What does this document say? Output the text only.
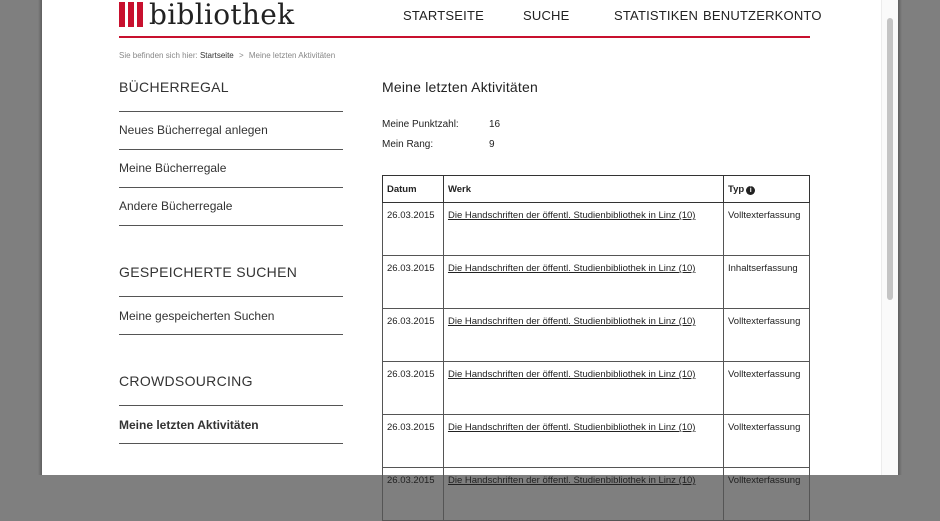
bibliothek	STARTSEITE	SUCHE	STATISTIKEN BENUTZERKONTO
Sie befinden sich hier: Startseite > Meine letzten Aktivitäten
BÜCHERREGAL
Neues Bücherregal anlegen
Meine Bücherregale
Andere Bücherregale
GESPEICHERTE SUCHEN
Meine gespeicherten Suchen
CROWDSOURCING
Meine letzten Aktivitäten
Meine letzten Aktivitäten
Meine Punktzahl:	16
Mein Rang:	9
Datum	Werk	Typ i
26.03.2015	Die Handschriften der öffentl. Studienbibliothek in Linz (10)	Volltexterfassung
26.03.2015	Die Handschriften der öffentl. Studienbibliothek in Linz (10)	Inhaltserfassung
26.03.2015	Die Handschriften der öffentl. Studienbibliothek in Linz (10)	Volltexterfassung
26.03.2015	Die Handschriften der öffentl. Studienbibliothek in Linz (10)	Volltexterfassung
26.03.2015	Die Handschriften der öffentl. Studienbibliothek in Linz (10)	Volltexterfassung
26.03.2015	Die Handschriften der öffentl. Studienbibliothek in Linz (10)	Volltexterfassung
